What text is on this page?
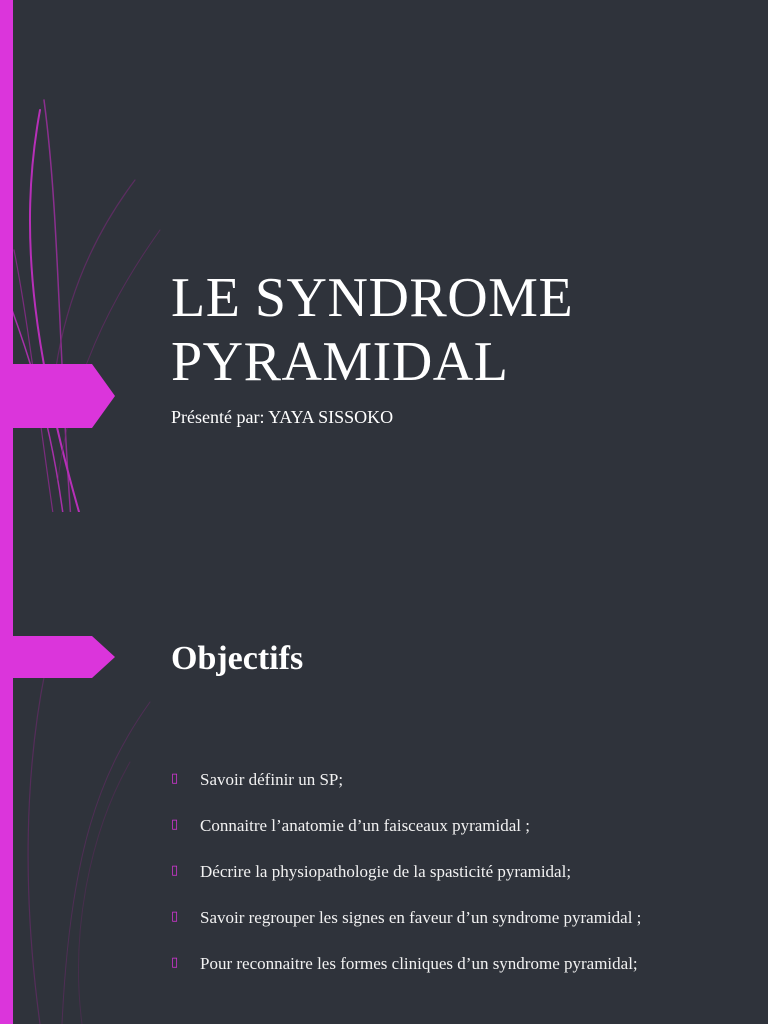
LE SYNDROME
PYRAMIDAL

Présenté par: YAYA SISSOKO

Objectifs
▯	Savoir définir un SP;
▯	Connaitre l’anatomie d’un faisceaux pyramidal ;
▯	Décrire la physiopathologie de la spasticité pyramidal;
▯	Savoir regrouper les signes en faveur d’un syndrome pyramidal ;
▯	Pour reconnaitre les formes cliniques d’un syndrome pyramidal;
